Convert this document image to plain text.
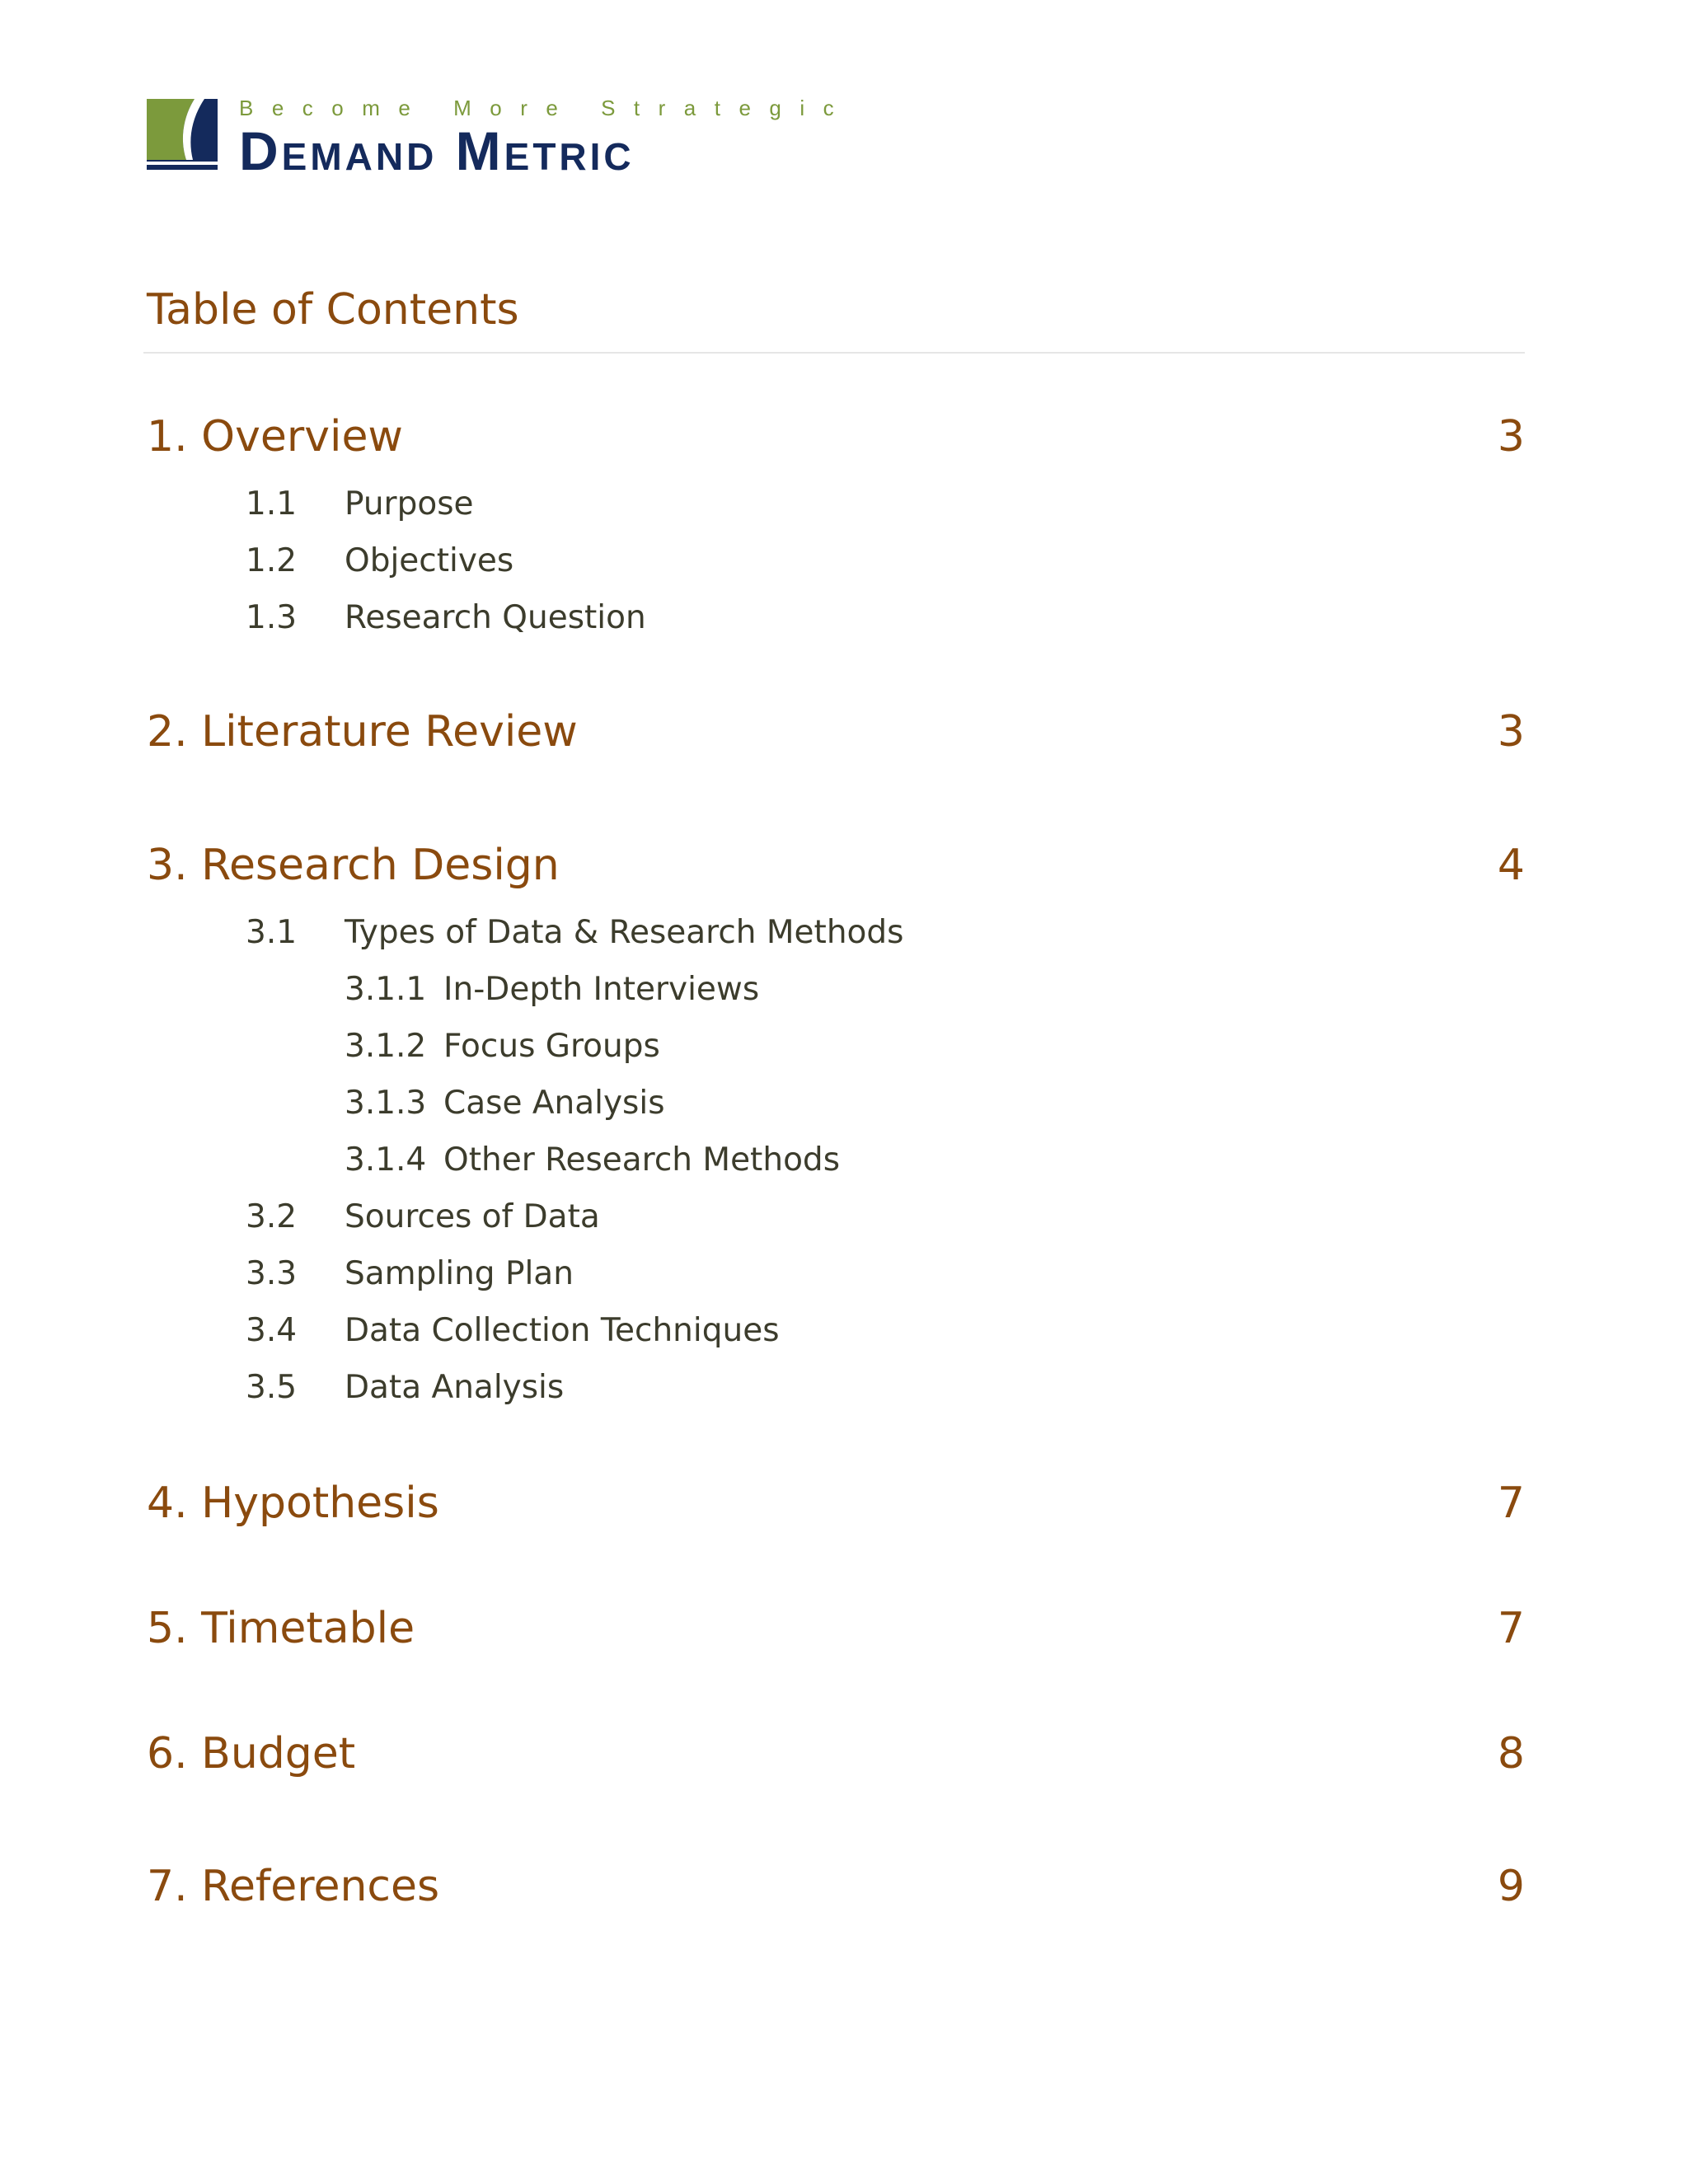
Become More Strategic
Demand Metric
Table of Contents
1. Overview	3
1.1 Purpose
1.2 Objectives
1.3 Research Question
2. Literature Review	3
3. Research Design	4
3.1 Types of Data & Research Methods
3.1.1 In-Depth Interviews
3.1.2 Focus Groups
3.1.3 Case Analysis
3.1.4 Other Research Methods
3.2 Sources of Data
3.3 Sampling Plan
3.4 Data Collection Techniques
3.5 Data Analysis
4. Hypothesis	7
5. Timetable	7
6. Budget	8
7. References	9
